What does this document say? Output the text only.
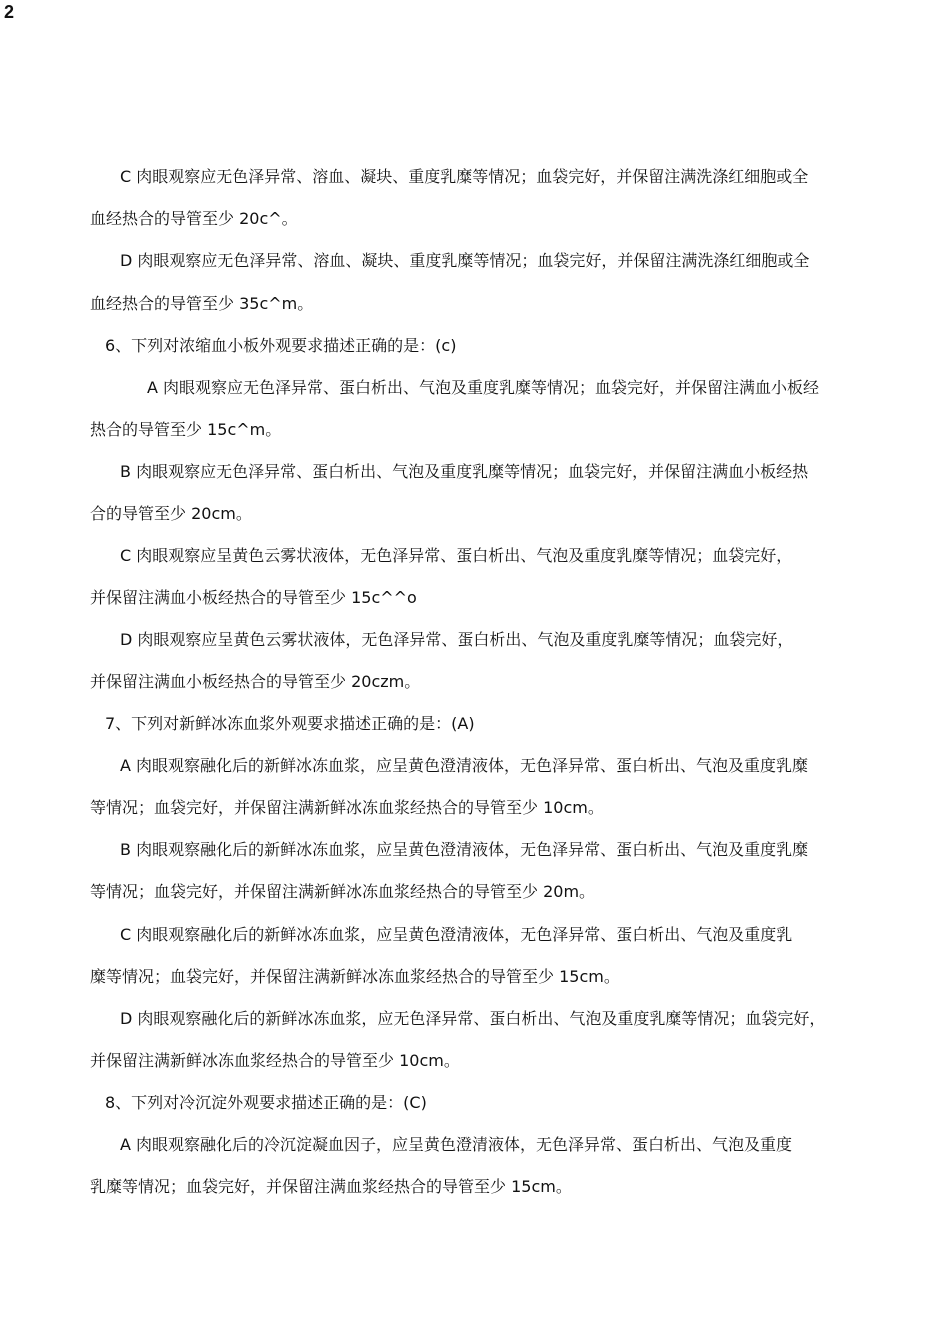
2
C 肉眼观察应无色泽异常、溶血、凝块、重度乳糜等情况；血袋完好，并保留注满洗涤红细胞或全
血经热合的导管至少 20c^。
D 肉眼观察应无色泽异常、溶血、凝块、重度乳糜等情况；血袋完好，并保留注满洗涤红细胞或全
血经热合的导管至少 35c^m。
6、下列对浓缩血小板外观要求描述正确的是：(c)
A 肉眼观察应无色泽异常、蛋白析出、气泡及重度乳糜等情况；血袋完好，并保留注满血小板经
热合的导管至少 15c^m。
B 肉眼观察应无色泽异常、蛋白析出、气泡及重度乳糜等情况；血袋完好，并保留注满血小板经热
合的导管至少 20cm。
C 肉眼观察应呈黄色云雾状液体，无色泽异常、蛋白析出、气泡及重度乳糜等情况；血袋完好，
并保留注满血小板经热合的导管至少 15c^^o
D 肉眼观察应呈黄色云雾状液体，无色泽异常、蛋白析出、气泡及重度乳糜等情况；血袋完好，
并保留注满血小板经热合的导管至少 20czm。
7、下列对新鲜冰冻血浆外观要求描述正确的是：(A)
A 肉眼观察融化后的新鲜冰冻血浆，应呈黄色澄清液体，无色泽异常、蛋白析出、气泡及重度乳糜
等情况；血袋完好，并保留注满新鲜冰冻血浆经热合的导管至少 10cm。
B 肉眼观察融化后的新鲜冰冻血浆，应呈黄色澄清液体，无色泽异常、蛋白析出、气泡及重度乳糜
等情况；血袋完好，并保留注满新鲜冰冻血浆经热合的导管至少 20m。
C 肉眼观察融化后的新鲜冰冻血浆，应呈黄色澄清液体，无色泽异常、蛋白析出、气泡及重度乳
糜等情况；血袋完好，并保留注满新鲜冰冻血浆经热合的导管至少 15cm。
D 肉眼观察融化后的新鲜冰冻血浆，应无色泽异常、蛋白析出、气泡及重度乳糜等情况；血袋完好，
并保留注满新鲜冰冻血浆经热合的导管至少 10cm。
8、下列对冷沉淀外观要求描述正确的是：(C)
A 肉眼观察融化后的冷沉淀凝血因子，应呈黄色澄清液体，无色泽异常、蛋白析出、气泡及重度
乳糜等情况；血袋完好，并保留注满血浆经热合的导管至少 15cm。
